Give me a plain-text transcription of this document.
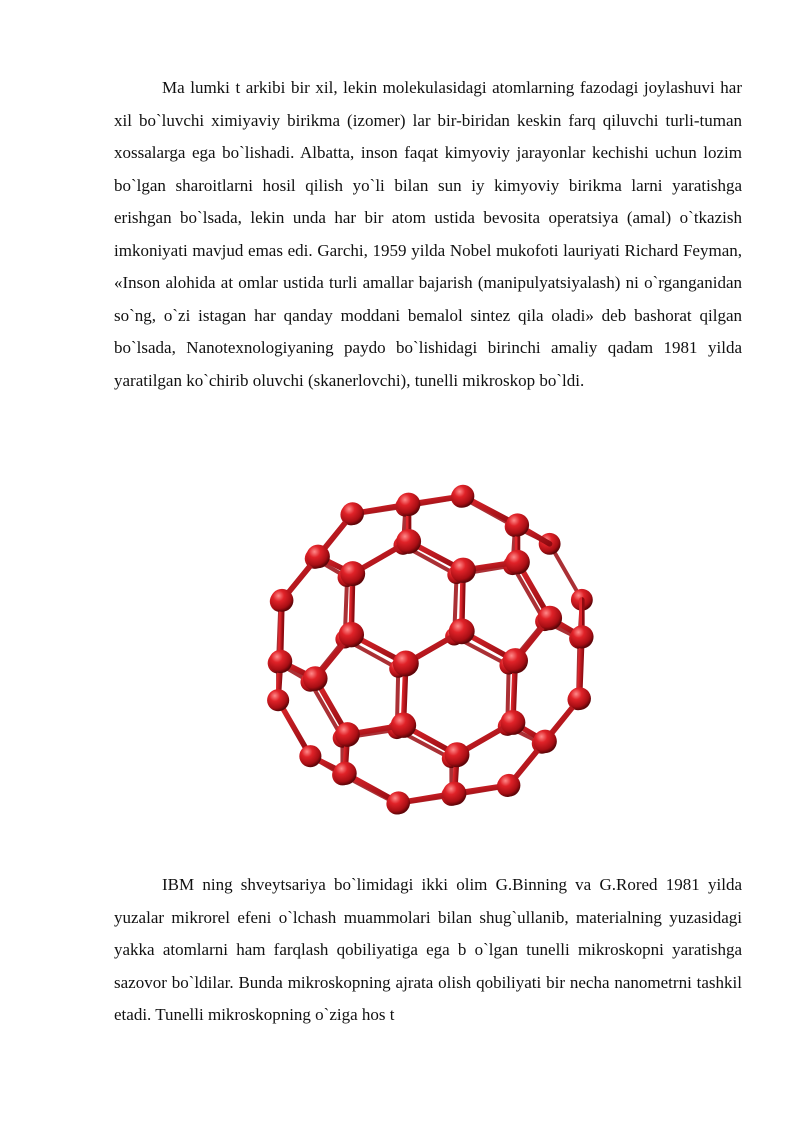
Ma lumki t arkibi bir xil, lekin molekulasidagi atomlarning fazodagi joylashuvi har xil bo`luvchi ximiyaviy birikma (izomer) lar bir-biridan keskin farq qiluvchi turli-tuman xossalarga ega bo`lishadi. Albatta, inson faqat kimyoviy jarayonlar kechishi uchun lozim bo`lgan sharoitlarni hosil qilish yo`li bilan sun iy kimyoviy birikma larni yaratishga erishgan bo`lsada, lekin unda har bir atom ustida bevosita operatsiya (amal) o`tkazish imkoniyati mavjud emas edi. Garchi, 1959 yilda Nobel mukofoti lauriyati Richard Feyman, «Inson alohida at omlar ustida turli amallar bajarish (manipulyatsiyalash) ni o`rganganidan so`ng, o`zi istagan har qanday moddani bemalol sintez qila oladi» deb bashorat qilgan bo`lsada, Nanotexnologiyaning paydo bo`lishidagi birinchi amaliy qadam 1981 yilda yaratilgan ko`chirib oluvchi (skanerlovchi), tunelli mikroskop bo`ldi.

IBM ning shveytsariya bo`limidagi ikki olim G.Binning va G.Rored 1981 yilda yuzalar mikrorel efeni o`lchash muammolari bilan shug`ullanib, materialning yuzasidagi yakka atomlarni ham farqlash qobiliyatiga ega b o`lgan tunelli mikroskopni yaratishga sazovor bo`ldilar. Bunda mikroskopning ajrata olish qobiliyati bir necha nanometrni tashkil etadi. Tunelli mikroskopning o`ziga hos t
